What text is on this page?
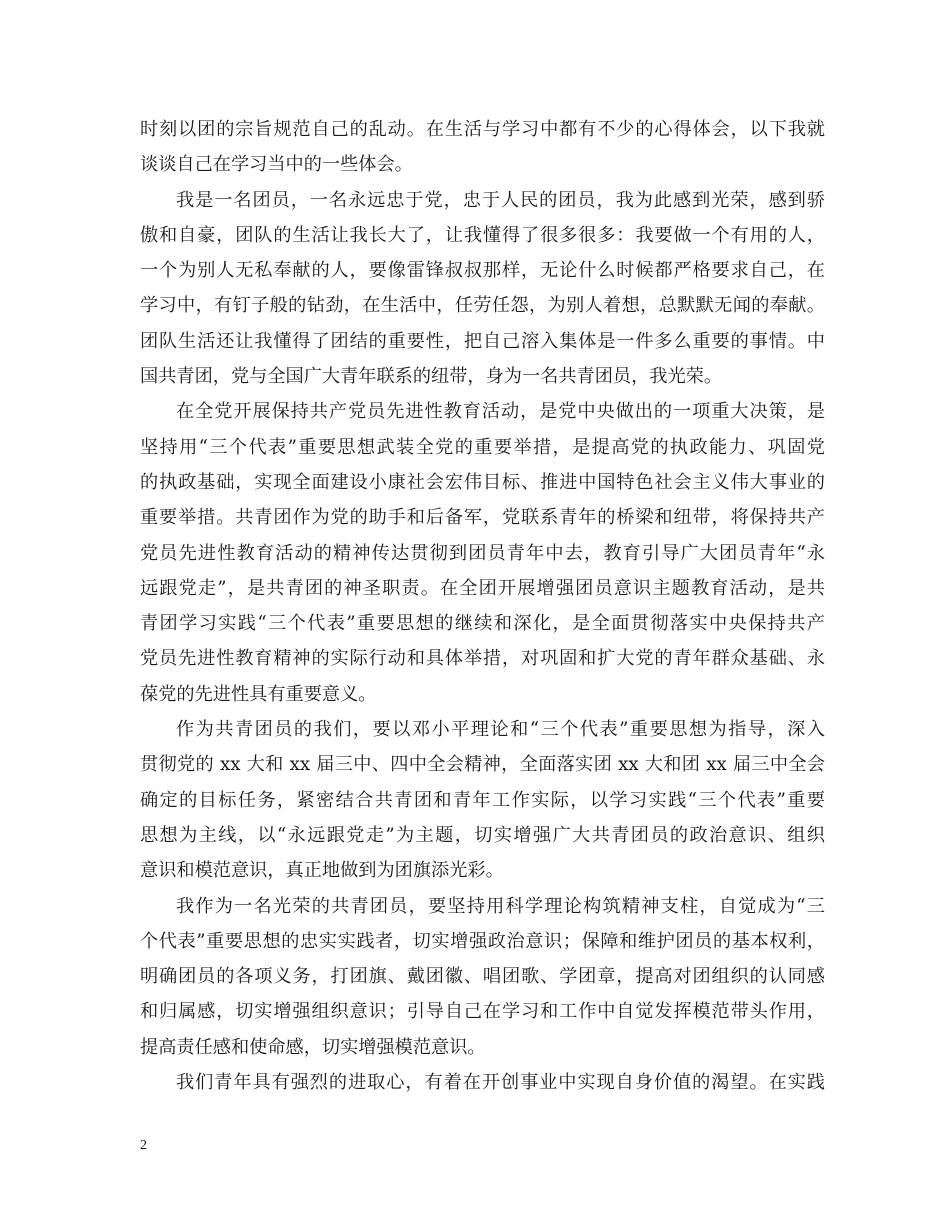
时刻以团的宗旨规范自己的乱动。在生活与学习中都有不少的心得体会，以下我就
谈谈自己在学习当中的一些体会。
我是一名团员，一名永远忠于党，忠于人民的团员，我为此感到光荣，感到骄
傲和自豪，团队的生活让我长大了，让我懂得了很多很多：我要做一个有用的人，
一个为别人无私奉献的人，要像雷锋叔叔那样，无论什么时候都严格要求自己，在
学习中，有钉子般的钻劲，在生活中，任劳任怨，为别人着想，总默默无闻的奉献。
团队生活还让我懂得了团结的重要性，把自己溶入集体是一件多么重要的事情。中
国共青团，党与全国广大青年联系的纽带，身为一名共青团员，我光荣。
在全党开展保持共产党员先进性教育活动，是党中央做出的一项重大决策，是
坚持用“三个代表”重要思想武装全党的重要举措，是提高党的执政能力、巩固党
的执政基础，实现全面建设小康社会宏伟目标、推进中国特色社会主义伟大事业的
重要举措。共青团作为党的助手和后备军，党联系青年的桥梁和纽带，将保持共产
党员先进性教育活动的精神传达贯彻到团员青年中去，教育引导广大团员青年“永
远跟党走”，是共青团的神圣职责。在全团开展增强团员意识主题教育活动，是共
青团学习实践“三个代表”重要思想的继续和深化，是全面贯彻落实中央保持共产
党员先进性教育精神的实际行动和具体举措，对巩固和扩大党的青年群众基础、永
葆党的先进性具有重要意义。
作为共青团员的我们，要以邓小平理论和“三个代表”重要思想为指导，深入
贯彻党的 xx 大和 xx 届三中、四中全会精神，全面落实团 xx 大和团 xx 届三中全会
确定的目标任务，紧密结合共青团和青年工作实际，以学习实践“三个代表”重要
思想为主线，以“永远跟党走”为主题，切实增强广大共青团员的政治意识、组织
意识和模范意识，真正地做到为团旗添光彩。
我作为一名光荣的共青团员，要坚持用科学理论构筑精神支柱，自觉成为“三
个代表”重要思想的忠实实践者，切实增强政治意识；保障和维护团员的基本权利，
明确团员的各项义务，打团旗、戴团徽、唱团歌、学团章，提高对团组织的认同感
和归属感，切实增强组织意识；引导自己在学习和工作中自觉发挥模范带头作用，
提高责任感和使命感，切实增强模范意识。
我们青年具有强烈的进取心，有着在开创事业中实现自身价值的渴望。在实践
2
